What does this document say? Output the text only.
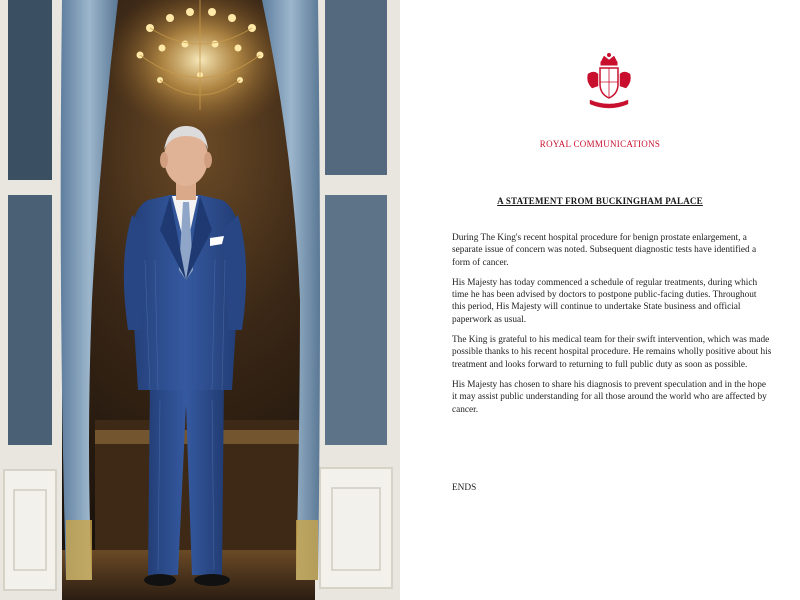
ROYAL COMMUNICATIONS
A STATEMENT FROM BUCKINGHAM PALACE

During The King's recent hospital procedure for benign prostate enlargement, a separate issue of concern was noted. Subsequent diagnostic tests have identified a form of cancer.

His Majesty has today commenced a schedule of regular treatments, during which time he has been advised by doctors to postpone public-facing duties. Throughout this period, His Majesty will continue to undertake State business and official paperwork as usual.

The King is grateful to his medical team for their swift intervention, which was made possible thanks to his recent hospital procedure. He remains wholly positive about his treatment and looks forward to returning to full public duty as soon as possible.

His Majesty has chosen to share his diagnosis to prevent speculation and in the hope it may assist public understanding for all those around the world who are affected by cancer.

ENDS
